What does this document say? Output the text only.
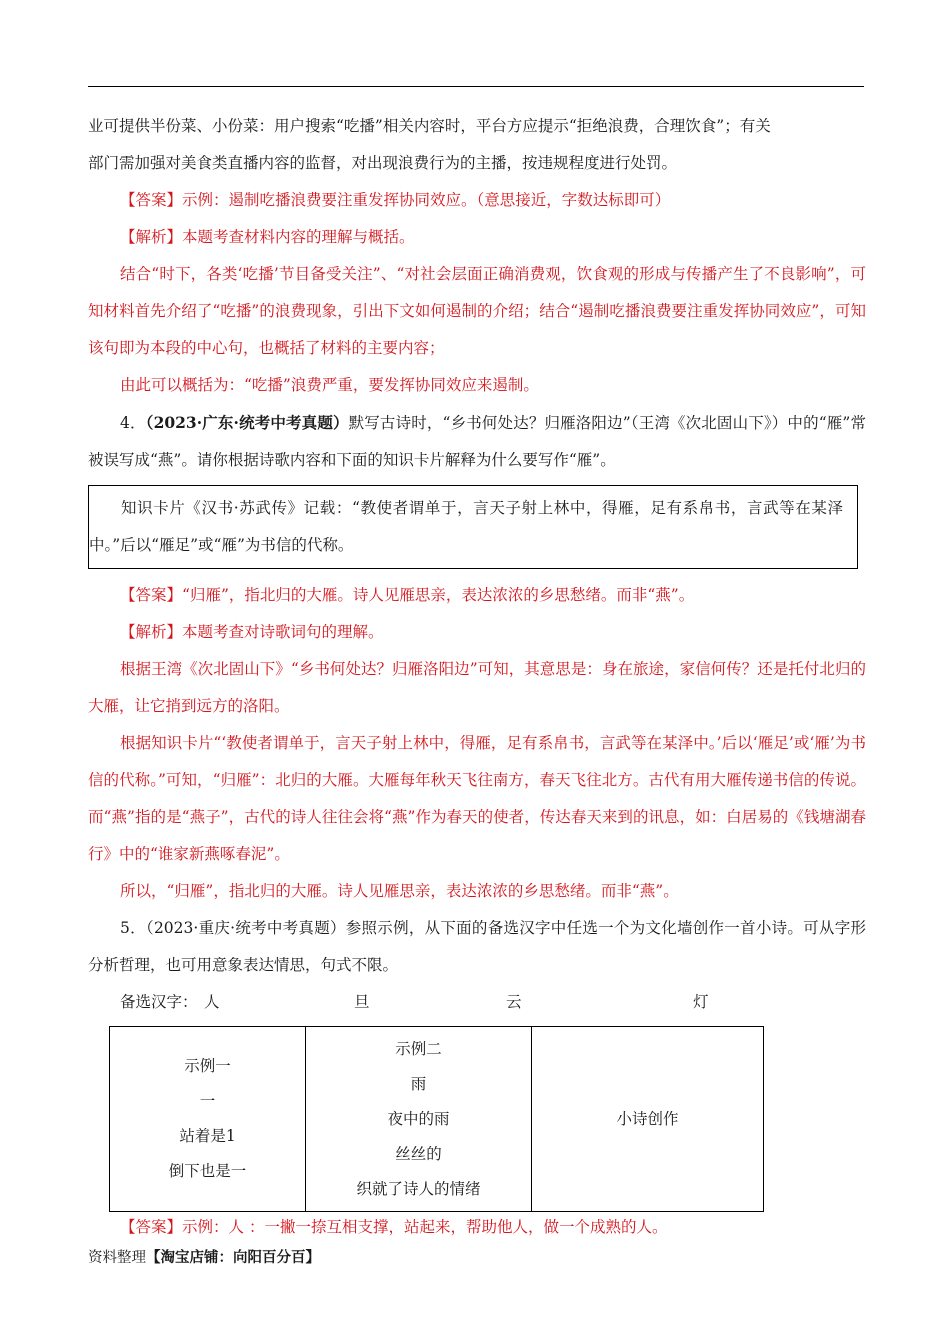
业可提供半份菜、小份菜：用户搜索“吃播”相关内容时，平台方应提示“拒绝浪费，合理饮食”；有关

部门需加强对美食类直播内容的监督，对出现浪费行为的主播，按违规程度进行处罚。

【答案】示例：遏制吃播浪费要注重发挥协同效应。（意思接近，字数达标即可）

【解析】本题考查材料内容的理解与概括。

结合“时下，各类‘吃播’节目备受关注”、“对社会层面正确消费观，饮食观的形成与传播产生了不良影响”，可知材料首先介绍了“吃播”的浪费现象，引出下文如何遏制的介绍；结合“遏制吃播浪费要注重发挥协同效应”，可知该句即为本段的中心句，也概括了材料的主要内容；

由此可以概括为：“吃播”浪费严重，要发挥协同效应来遏制。

4．（2023·广东·统考中考真题）默写古诗时，“乡书何处达？归雁洛阳边”（王湾《次北固山下》）中的“雁”常被误写成“燕”。请你根据诗歌内容和下面的知识卡片解释为什么要写作“雁”。

知识卡片《汉书·苏武传》记载：“教使者谓单于，言天子射上林中，得雁，足有系帛书，言武等在某泽中。”后以“雁足”或“雁”为书信的代称。

【答案】“归雁”，指北归的大雁。诗人见雁思亲，表达浓浓的乡思愁绪。而非“燕”。

【解析】本题考查对诗歌词句的理解。

根据王湾《次北固山下》“乡书何处达？归雁洛阳边”可知，其意思是：身在旅途，家信何传？还是托付北归的大雁，让它捎到远方的洛阳。

根据知识卡片“‘教使者谓单于，言天子射上林中，得雁，足有系帛书，言武等在某泽中。’后以‘雁足’或‘雁’为书信的代称。”可知，“归雁”：北归的大雁。大雁每年秋天飞往南方，春天飞往北方。古代有用大雁传递书信的传说。而“燕”指的是“燕子”，古代的诗人往往会将“燕”作为春天的使者，传达春天来到的讯息，如：白居易的《钱塘湖春行》中的“谁家新燕啄春泥”。

所以，“归雁”，指北归的大雁。诗人见雁思亲，表达浓浓的乡思愁绪。而非“燕”。

5．（2023·重庆·统考中考真题）参照示例，从下面的备选汉字中任选一个为文化墙创作一首小诗。可从字形分析哲理，也可用意象表达情思，句式不限。

备选汉字： 人	旦	云	灯
示例一
一
站着是1
倒下也是一

示例二
雨
夜中的雨
丝丝的
织就了诗人的情绪

小诗创作

【答案】示例：人 ：一撇一捺互相支撑，站起来，帮助他人，做一个成熟的人。

资料整理【淘宝店铺：向阳百分百】
